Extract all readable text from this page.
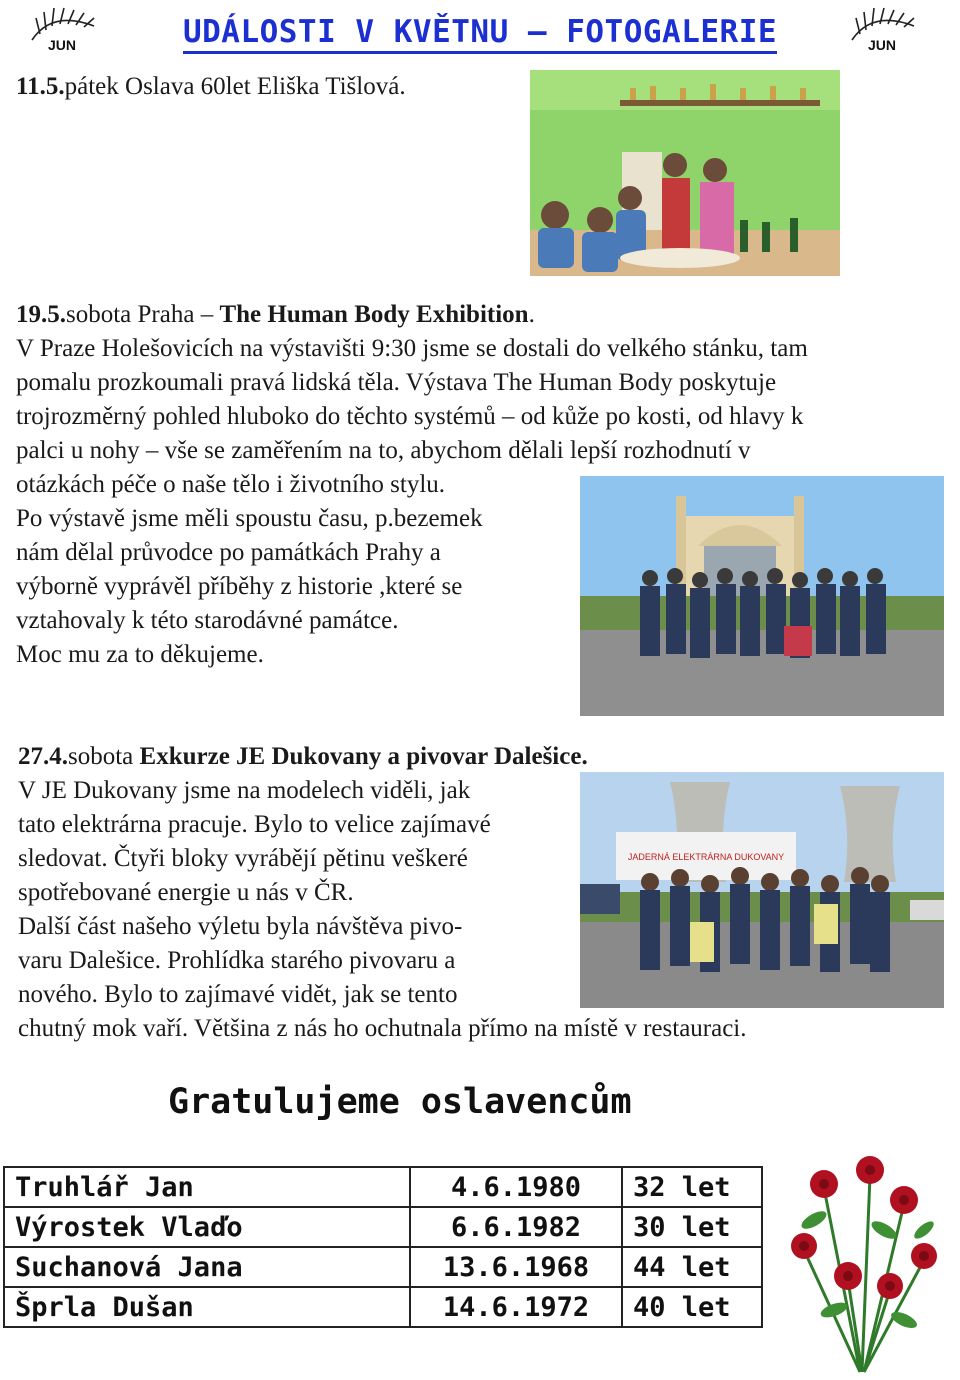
JUN	JUN
UDÁLOSTI V KVĚTNU – FOTOGALERIE
11.5.pátek Oslava 60let Eliška Tišlová.
19.5.sobota Praha – The Human Body Exhibition.
V Praze Holešovicích na výstavišti 9:30 jsme se dostali do velkého stánku, tam
pomalu prozkoumali pravá lidská těla. Výstava The Human Body poskytuje
trojrozměrný pohled hluboko do těchto systémů – od kůže po kosti, od hlavy k
palci u nohy – vše se zaměřením na to, abychom dělali lepší rozhodnutí v
otázkách péče o naše tělo i životního stylu.
Po výstavě jsme měli spoustu času, p.bezemek
nám dělal průvodce po památkách Prahy a
výborně vyprávěl příběhy z historie ,které se
vztahovaly k této starodávné památce.
Moc mu za to děkujeme.
27.4.sobota Exkurze JE Dukovany a pivovar Dalešice.
V JE Dukovany jsme na modelech viděli, jak
tato elektrárna pracuje. Bylo to velice zajímavé
sledovat. Čtyři bloky vyrábějí pětinu veškeré
spotřebované energie u nás v ČR.
Další část našeho výletu byla návštěva pivo-
varu Dalešice. Prohlídka starého pivovaru a
nového. Bylo to zajímavé vidět, jak se tento
chutný mok vaří. Většina z nás ho ochutnala přímo na místě v restauraci.
JADERNÁ ELEKTRÁRNA DUKOVANY
Gratulujeme oslavencům
Truhlář Jan	4.6.1980	32 let
Výrostek Vlaďo	6.6.1982	30 let
Suchanová Jana	13.6.1968	44 let
Šprla Dušan	14.6.1972	40 let
